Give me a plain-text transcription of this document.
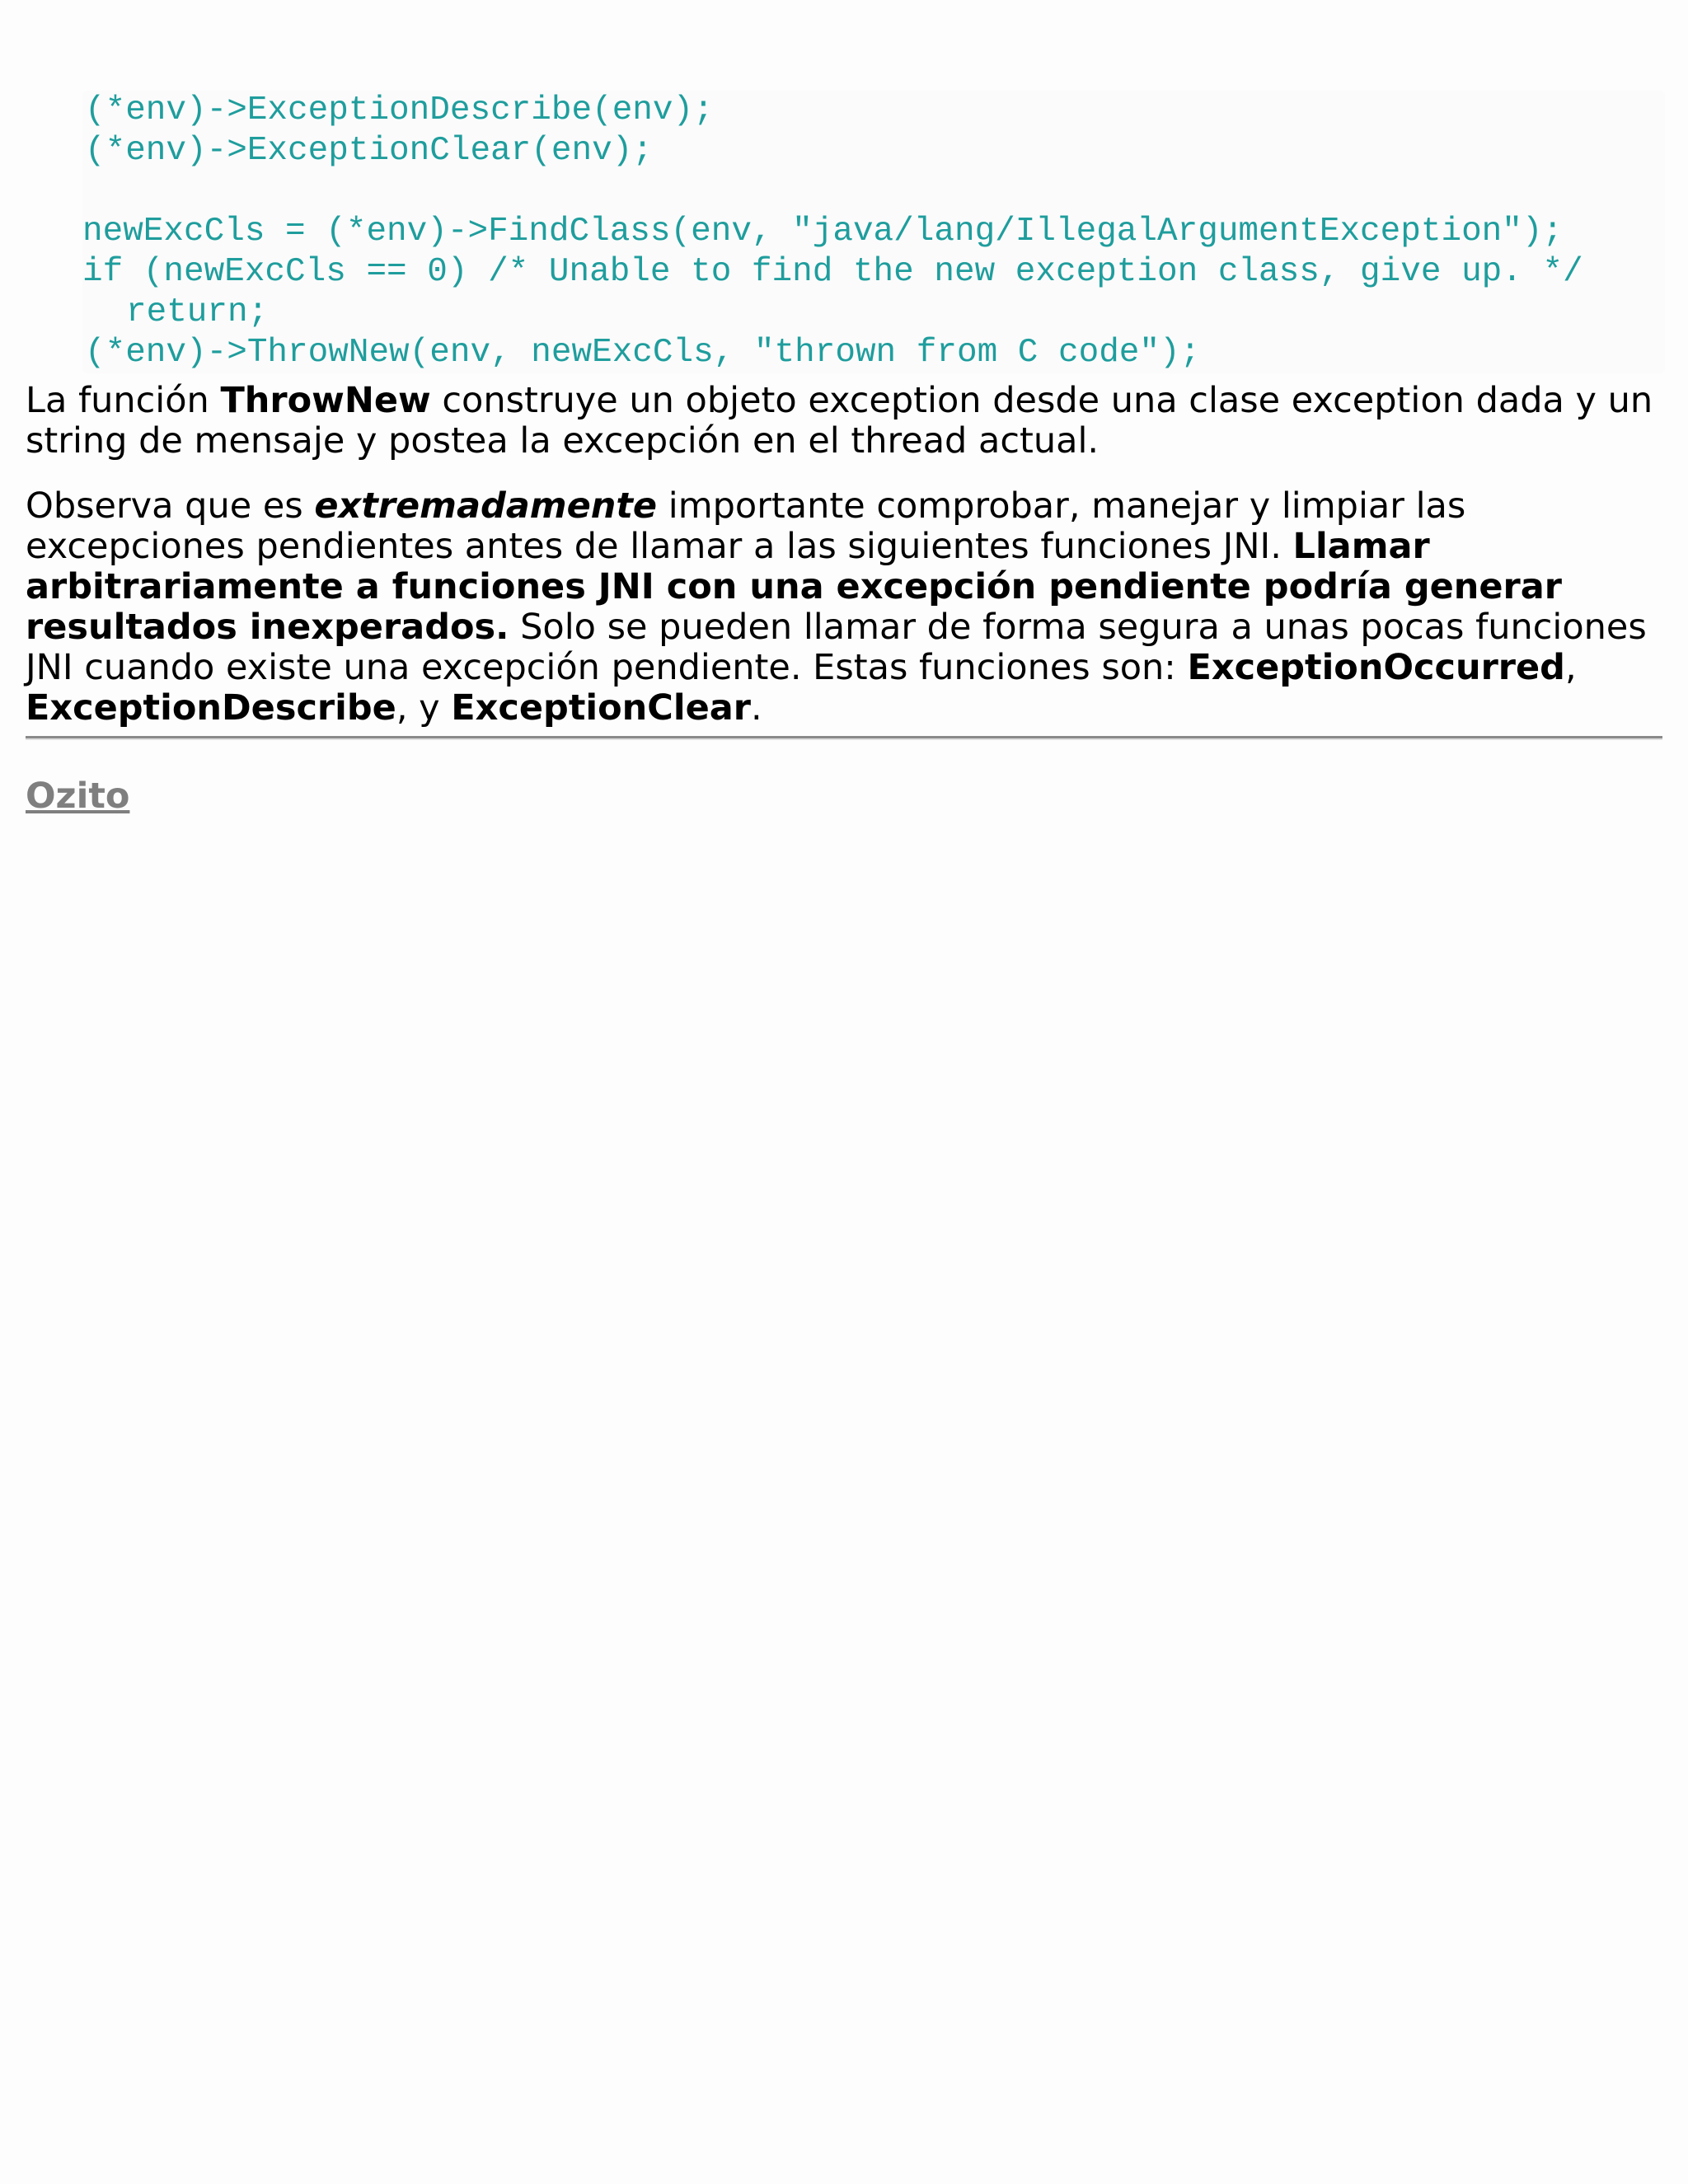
(*env)->ExceptionDescribe(env);
(*env)->ExceptionClear(env);
newExcCls = (*env)->FindClass(env, "java/lang/IllegalArgumentException");
if (newExcCls == 0) /* Unable to find the new exception class, give up. */
return;
(*env)->ThrowNew(env, newExcCls, "thrown from C code");

La función ThrowNew construye un objeto exception desde una clase exception dada y un string de mensaje y postea la excepción en el thread actual.

Observa que es extremadamente importante comprobar, manejar y limpiar las excepciones pendientes antes de llamar a las siguientes funciones JNI. Llamar arbitrariamente a funciones JNI con una excepción pendiente podría generar resultados inexperados. Solo se pueden llamar de forma segura a unas pocas funciones JNI cuando existe una excepción pendiente. Estas funciones son: ExceptionOccurred,
ExceptionDescribe, y ExceptionClear.

Ozito
